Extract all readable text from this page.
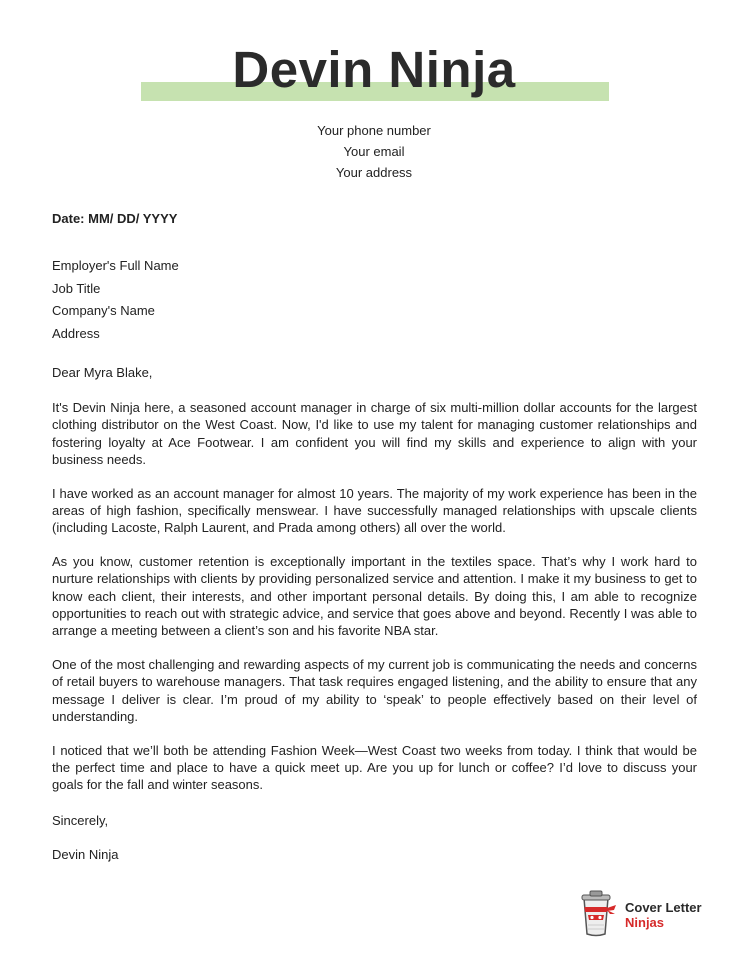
Devin Ninja
Your phone number
Your email
Your address
Date: MM/ DD/ YYYY
Employer's Full Name
Job Title
Company's Name
Address
Dear Myra Blake,

It's Devin Ninja here, a seasoned account manager in charge of six multi-million dollar accounts for the largest clothing distributor on the West Coast. Now, I'd like to use my talent for managing customer relationships and fostering loyalty at Ace Footwear. I am confident you will find my skills and experience to align with your business needs.

I have worked as an account manager for almost 10 years. The majority of my work experience has been in the areas of high fashion, specifically menswear. I have successfully managed relationships with upscale clients (including Lacoste, Ralph Laurent, and Prada among others) all over the world.

As you know, customer retention is exceptionally important in the textiles space. That’s why I work hard to nurture relationships with clients by providing personalized service and attention. I make it my business to get to know each client, their interests, and other important personal details. By doing this, I am able to recognize opportunities to reach out with strategic advice, and service that goes above and beyond. Recently I was able to arrange a meeting between a client’s son and his favorite NBA star.

One of the most challenging and rewarding aspects of my current job is communicating the needs and concerns of retail buyers to warehouse managers. That task requires engaged listening, and the ability to ensure that any message I deliver is clear. I’m proud of my ability to ‘speak’ to people effectively based on their level of understanding.

I noticed that we’ll both be attending Fashion Week—West Coast two weeks from today. I think that would be the perfect time and place to have a quick meet up. Are you up for lunch or coffee? I’d love to discuss your goals for the fall and winter seasons.

Sincerely,
Devin Ninja
Cover Letter
Ninjas
